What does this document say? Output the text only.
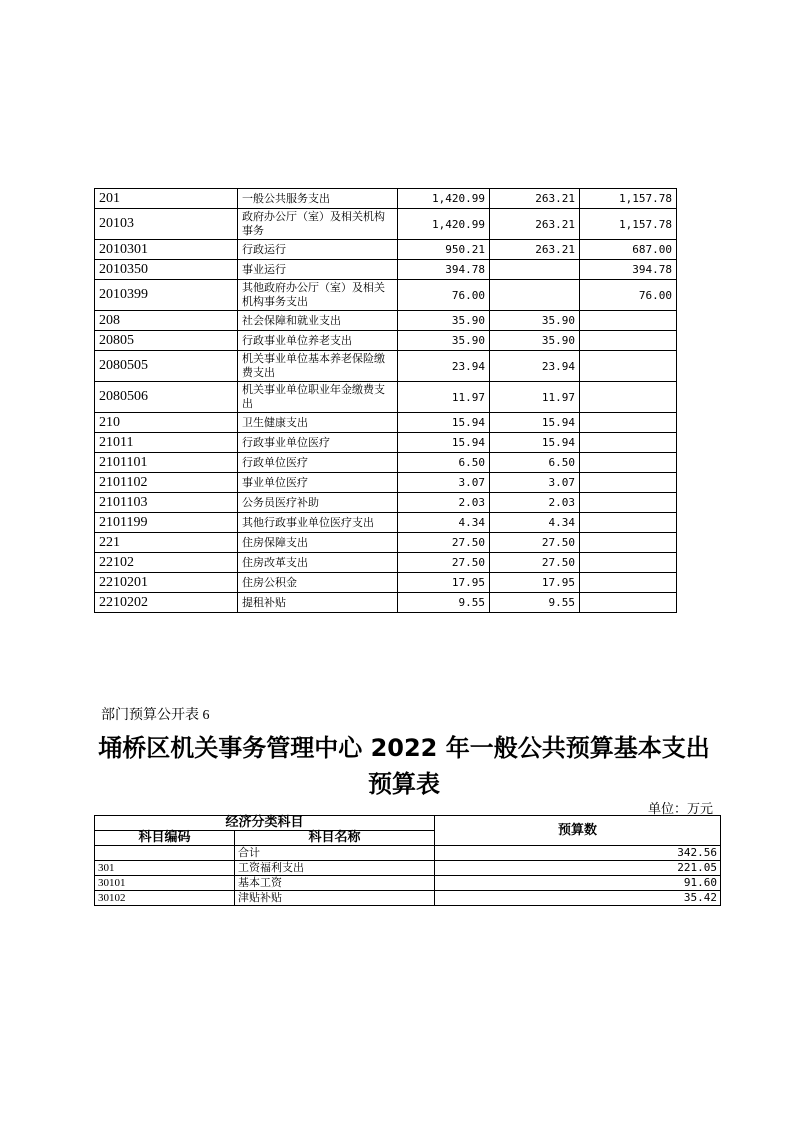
201	一般公共服务支出	1,420.99	263.21	1,157.78
20103	政府办公厅（室）及相关机构事务	1,420.99	263.21	1,157.78
2010301	行政运行	950.21	263.21	687.00
2010350	事业运行	394.78		394.78
2010399	其他政府办公厅（室）及相关机构事务支出	76.00		76.00
208	社会保障和就业支出	35.90	35.90	
20805	行政事业单位养老支出	35.90	35.90	
2080505	机关事业单位基本养老保险缴费支出	23.94	23.94	
2080506	机关事业单位职业年金缴费支出	11.97	11.97	
210	卫生健康支出	15.94	15.94	
21011	行政事业单位医疗	15.94	15.94	
2101101	行政单位医疗	6.50	6.50	
2101102	事业单位医疗	3.07	3.07	
2101103	公务员医疗补助	2.03	2.03	
2101199	其他行政事业单位医疗支出	4.34	4.34	
221	住房保障支出	27.50	27.50	
22102	住房改革支出	27.50	27.50	
2210201	住房公积金	17.95	17.95	
2210202	提租补贴	9.55	9.55	
部门预算公开表 6
埇桥区机关事务管理中心 2022 年一般公共预算基本支出预算表
单位：万元
经济分类科目		预算数
科目编码	科目名称	
	合计	342.56
301	工资福利支出	221.05
30101	基本工资	91.60
30102	津贴补贴	35.42
